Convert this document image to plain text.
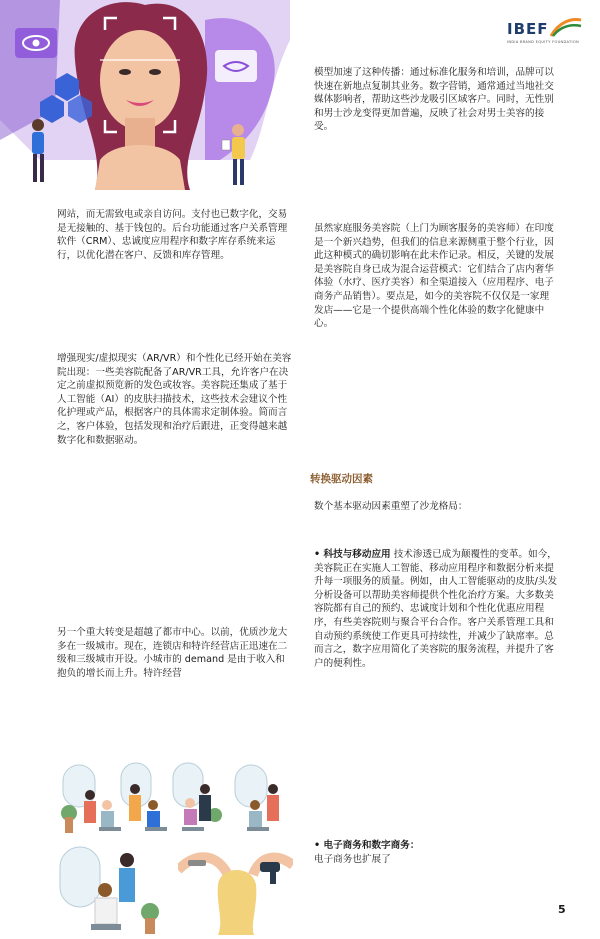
IBEF
INDIA BRAND EQUITY FOUNDATION

模型加速了这种传播：通过标准化服务和培训，品牌可以快速在新地点复制其业务。数字营销，通常通过当地社交媒体影响者，帮助这些沙龙吸引区域客户。同时，无性别和男士沙龙变得更加普遍，反映了社会对男士美容的接受。

网站，而无需致电或亲自访问。支付也已数字化，交易是无接触的、基于钱包的。后台功能通过客户关系管理软件（CRM）、忠诚度应用程序和数字库存系统来运行，以优化潜在客户、反馈和库存管理。

虽然家庭服务美容院（上门为顾客服务的美容师）在印度是一个新兴趋势，但我们的信息来源侧重于整个行业，因此这种模式的确切影响在此未作记录。相反，关键的发展是美容院自身已成为混合运营模式：它们结合了店内奢华体验（水疗、医疗美容）和全渠道接入（应用程序、电子商务产品销售）。要点是，如今的美容院不仅仅是一家理发店——它是一个提供高端个性化体验的数字化健康中心。

增强现实/虚拟现实（AR/VR）和个性化已经开始在美容院出现：一些美容院配备了AR/VR工具，允许客户在决定之前虚拟预览新的发色或妆容。美容院还集成了基于人工智能（AI）的皮肤扫描技术，这些技术会建议个性化护理或产品，根据客户的具体需求定制体验。简而言之，客户体验，包括发现和治疗后跟进，正变得越来越数字化和数据驱动。

转换驱动因素

数个基本驱动因素重塑了沙龙格局：

• 科技与移动应用 技术渗透已成为颠覆性的变革。如今，美容院正在实施人工智能、移动应用程序和数据分析来提升每一项服务的质量。例如，由人工智能驱动的皮肤/头发分析设备可以帮助美容师提供个性化治疗方案。大多数美容院都有自己的预约、忠诚度计划和个性化优惠应用程序，有些美容院则与聚合平台合作。客户关系管理工具和自动预约系统使工作更具可持续性，并减少了缺席率。总而言之，数字应用简化了美容院的服务流程，并提升了客户的便利性。

另一个重大转变是超越了都市中心。以前，优质沙龙大多在一级城市。现在，连锁店和特许经营店正迅速在二级和三级城市开设。小城市的 demand 是由于收入和抱负的增长而上升。特许经营

• 电子商务和数字商务：
电子商务也扩展了

5
